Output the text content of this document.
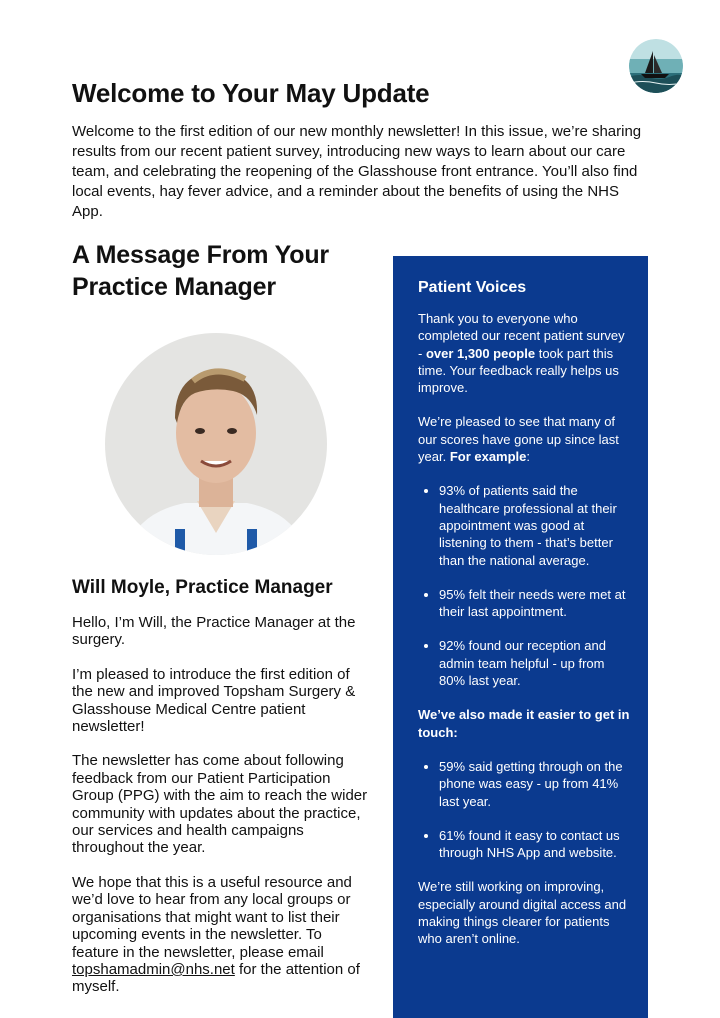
Welcome to Your May Update

Welcome to the first edition of our new monthly newsletter! In this issue, we’re sharing results from our recent patient survey, introducing new ways to learn about our care team, and celebrating the reopening of the Glasshouse front entrance. You’ll also find local events, hay fever advice, and a reminder about the benefits of using the NHS App.

A Message From Your Practice Manager
Will Moyle, Practice Manager

Hello, I’m Will, the Practice Manager at the surgery.

I’m pleased to introduce the first edition of the new and improved Topsham Surgery & Glasshouse Medical Centre patient newsletter!

The newsletter has come about following feedback from our Patient Participation Group (PPG) with the aim to reach the wider community with updates about the practice, our services and health campaigns throughout the year.

We hope that this is a useful resource and we’d love to hear from any local groups or organisations that might want to list their upcoming events in the newsletter. To feature in the newsletter, please email topshamadmin@nhs.net for the attention of myself.

Patient Voices

Thank you to everyone who completed our recent patient survey - over 1,300 people took part this time. Your feedback really helps us improve.

We’re pleased to see that many of our scores have gone up since last year. For example:

• 93% of patients said the healthcare professional at their appointment was good at listening to them - that’s better than the national average.
• 95% felt their needs were met at their last appointment.
• 92% found our reception and admin team helpful - up from 80% last year.

We’ve also made it easier to get in touch:

• 59% said getting through on the phone was easy - up from 41% last year.
• 61% found it easy to contact us through NHS App and website.

We’re still working on improving, especially around digital access and making things clearer for patients who aren’t online.
